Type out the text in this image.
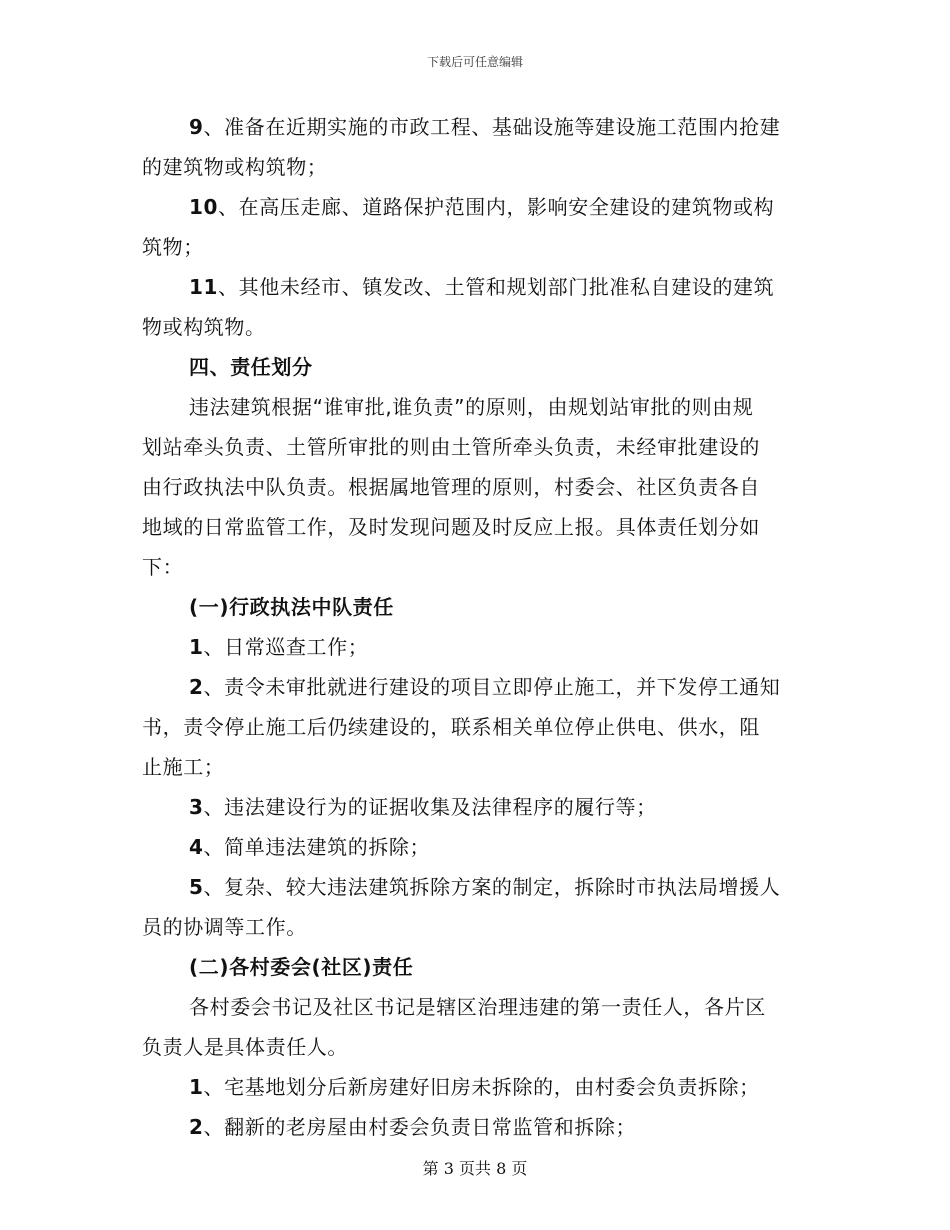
下载后可任意编辑
9、准备在近期实施的市政工程、基础设施等建设施工范围内抢建
的建筑物或构筑物；
10、在高压走廊、道路保护范围内，影响安全建设的建筑物或构
筑物；
11、其他未经市、镇发改、土管和规划部门批准私自建设的建筑
物或构筑物。
四、责任划分
违法建筑根据“谁审批,谁负责”的原则，由规划站审批的则由规
划站牵头负责、土管所审批的则由土管所牵头负责，未经审批建设的
由行政执法中队负责。根据属地管理的原则，村委会、社区负责各自
地域的日常监管工作，及时发现问题及时反应上报。具体责任划分如
下：
(一)行政执法中队责任
1、日常巡查工作；
2、责令未审批就进行建设的项目立即停止施工，并下发停工通知
书，责令停止施工后仍续建设的，联系相关单位停止供电、供水，阻
止施工；
3、违法建设行为的证据收集及法律程序的履行等；
4、简单违法建筑的拆除；
5、复杂、较大违法建筑拆除方案的制定，拆除时市执法局增援人
员的协调等工作。
(二)各村委会(社区)责任
各村委会书记及社区书记是辖区治理违建的第一责任人，各片区
负责人是具体责任人。
1、宅基地划分后新房建好旧房未拆除的，由村委会负责拆除；
2、翻新的老房屋由村委会负责日常监管和拆除；
第 3 页共 8 页
